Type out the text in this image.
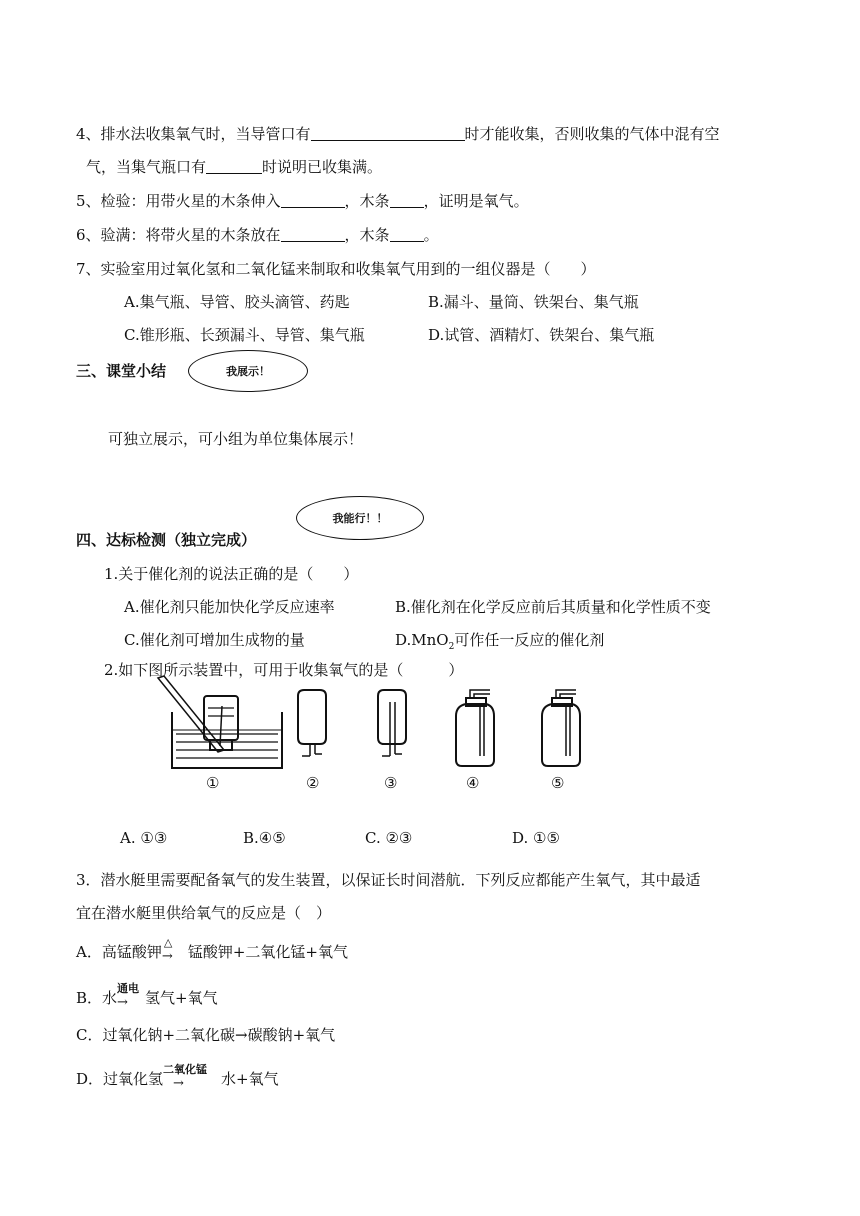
4、排水法收集氧气时，当导管口有	时才能收集，否则收集的气体中混有空
气，当集气瓶口有	时说明已收集满。
5、检验：用带火星的木条伸入	，木条 ，证明是氧气。
6、验满：将带火星的木条放在	，木条 。
7、实验室用过氧化氢和二氧化锰来制取和收集氧气用到的一组仪器是（　　）
A.集气瓶、导管、胶头滴管、药匙	B.漏斗、量筒、铁架台、集气瓶
C.锥形瓶、长颈漏斗、导管、集气瓶	D.试管、酒精灯、铁架台、集气瓶
三、课堂小结	我展示！
可独立展示，可小组为单位集体展示！
我能行！！
四、达标检测（独立完成）
1.关于催化剂的说法正确的是（　　）
A.催化剂只能加快化学反应速率	B.催化剂在化学反应前后其质量和化学性质不变
C.催化剂可增加生成物的量	D.MnO$_2$可作任一反应的催化剂
2.如下图所示装置中，可用于收集氧气的是（　　　）
①	②	③	④	⑤
A. ①③	B.④⑤	C. ②③	D. ①⑤
3．潜水艇里需要配备氧气的发生装置，以保证长时间潜航．下列反应都能产生氧气，其中最适
宜在潜水艇里供给氧气的反应是（　）
A．高锰酸钾
△
→ 锰酸钾+二氧化锰+氧气
B．水
通电
→ 氢气+氧气
C．过氧化钠+二氧化碳→碳酸钠+氧气
D．过氧化氢
二氧化锰
→ 水+氧气
